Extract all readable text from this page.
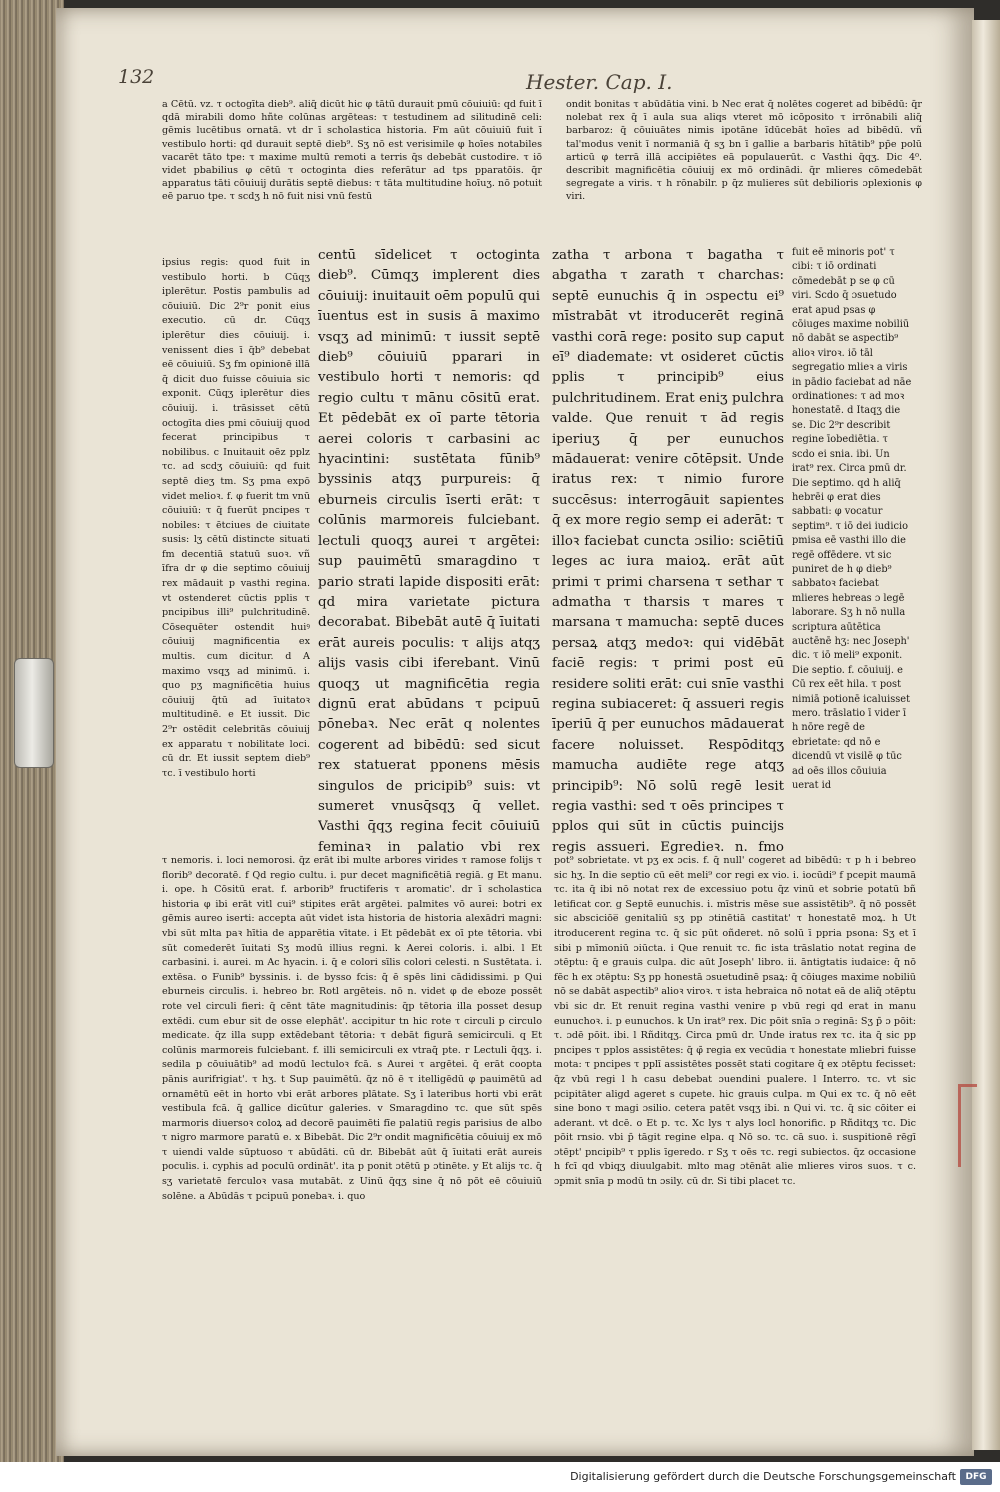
132	Hester. Cap. I.
a Cētū. vz. τ octogīta dieb⁹. aliq̄ dicūt hic φ tātū durauit pmū cōuiuiū: qd fuit ī qdā mirabili domo hñte colūnas argēteas: τ testudinem ad silitudinē celi: gēmis lucētibus ornatā. vt dr ī scholastica historia. Fm aūt cōuiuiū fuit ī vestibulo horti: qd durauit septē dieb⁹. Sʒ nō est verisimile φ hoīes notabiles vacarēt tāto tpe: τ maxime multū remoti a terris q̄s debebāt custodire. τ iō videt pbabilius φ cētū τ octoginta dies referātur ad tps pparatōis. q̄r apparatus tāti cōuiuij durātis septē diebus: τ tāta multitudine hoīuʒ. nō potuit eē paruo tpe. τ scdʒ h nō fuit nisi vnū festū
ondit bonitas τ abūdātia vini. b Nec erat q̄ nolētes cogeret ad bibēdū: q̄r nolebat rex q̄ ī aula sua aliqs vteret mō icōposito τ irrōnabili aliq̄ barbaroz: q̄ cōuiuātes nimis ipotāne īdūcebāt hoīes ad bibēdū. vñ tal'modus venit ī normaniā q̄ sʒ bn ī gallie a barbaris hītātib⁹ pp̄e polū articū φ terrā illā accipiētes eā populauerūt. c Vasthi q̄qʒ. Dic 4⁰. describit magnificētia cōuiuij ex mō ordinādi. q̄r mlieres cōmedebāt segregate a viris. τ h rōnabilr. p q̄z mulieres sūt debilioris ɔplexionis φ viri.
ipsius regis: quod fuit in vestibulo horti. b Cūqʒ iplerētur. Postis pambulis ad cōuiuiū. Dic 2⁹r ponit eius executio. cū dr. Cūqʒ iplerētur dies cōuiuij. i. venissent dies ī q̄b⁹ debebat eē cōuiuiū. Sʒ fm opinionē illā q̄ dicit duo fuisse cōuiuia sic exponit. Cūqʒ iplerētur dies cōuiuij. i. trāsisset cētū octogīta dies pmi cōuiuij quod fecerat principibus τ nobilibus. c Inuitauit oēz pplz τc. ad scdʒ cōuiuiū: qd fuit septē dieʒ tm. Sʒ pma expō videt melioꝛ. f. φ fuerit tm vnū cōuiuiū: τ q̄ fuerūt pncipes τ nobiles: τ ētciues de ciuitate susis: lʒ cētū distincte situati fm decentiā statuū suoꝛ. vñ īfra dr φ die septimo cōuiuij rex mādauit p vasthi regina. vt ostenderet cūctis pplis τ pncipibus illi⁹ pulchritudinē. Cōsequēter ostendit huiꝰ cōuiuij magnificentia ex multis. cum dicitur. d A maximo vsqʒ ad minimū. i. quo pʒ magnificētia huius cōuiuij q̄tū ad īuitatoꝛ multitudinē. e Et iussit. Dic 2⁹r ostēdit celebritās cōuiuij ex apparatu τ nobilitate loci. cū dr. Et iussit septem dieb⁹ τc. ī vestibulo horti
centū sīdelicet τ octoginta dieb⁹. Cūmqʒ implerent dies cōuiuij: inuitauit oēm populū qui īuentus est in susis ā maximo vsqʒ ad minimū: τ iussit septē dieb⁹ cōuiuiū pparari in vestibulo horti τ nemoris: qd regio cultu τ mānu cōsitū erat. Et pēdebāt ex oī parte tētoria aerei coloris τ carbasini ac hyacintini: sustētata fūnib⁹ byssinis atqʒ purpureis: q̄ eburneis circulis īserti erāt: τ colūnis marmoreis fulciebant. lectuli quoqʒ aurei τ argētei: sup pauimētū smaragdino τ pario strati lapide dispositi erāt: qd mira varietate pictura decorabat. Bibebāt autē q̄ īuitati erāt aureis poculis: τ alijs atqʒ alijs vasis cibi iferebant. Vinū quoqʒ ut magnificētia regia dignū erat abūdans τ pcipuū pōnebaꝛ. Nec erāt q nolentes cogerent ad bibēdū: sed sicut rex statuerat pponens mēsis singulos de pricipib⁹ suis: vt sumeret vnusq̄sqʒ q̄ vellet. Vasthi q̄qʒ regina fecit cōuiuiū feminaꝛ in palatio vbi rex
zatha τ arbona τ bagatha τ abgatha τ zarath τ charchas: septē eunuchis q̄ in ɔspectu ei⁹ mīstrabāt vt itroducerēt reginā vasthi corā rege: posito sup caput eī⁹ diademate: vt osideret cūctis pplis τ principib⁹ eius pulchritudinem. Erat eniʒ pulchra valde. Que renuit τ ād regis iperiuʒ q̄ per eunuchos mādauerat: venire cōtēpsit. Unde iratus rex: τ nimio furore succēsus: interrogāuit sapientes q̄ ex more regio semp ei aderāt: τ illoꝛ faciebat cuncta ɔsilio: sciētiū leges ac iura maioꝝ. erāt aūt primi τ primi charsena τ sethar τ admatha τ tharsis τ mares τ marsana τ mamucha: septē duces persaꝝ atqʒ medoꝛ: qui vidēbāt faciē regis: τ primi post eū residere soliti erāt: cui snīe vasthi regina subiaceret: q̄ assueri regis īperiū q̄ per eunuchos mādauerat facere noluisset. Respōditqʒ mamucha audiēte rege atqʒ principib⁹: Nō solū regē lesit regia vasthi: sed τ oēs principes τ pplos qui sūt in cūctis puincijs regis assueri. Egredieꝛ. n. fmo
fuit eē minoris pot' τ cibi: τ iō ordinati cōmedebāt p se φ cū viri. Scdo q̄ ɔsuetudo erat apud psas φ cōiuges maxime nobiliū nō dabāt se aspectib⁹ alioꝛ viroꝛ. iō tāl segregatio mlieꝛ a viris in pādio faciebat ad nāe ordinationes: τ ad moꝛ honestatē. d Itaqʒ die se. Dic 2⁹r describit regine īobediētia. τ scdo ei snia. ibi. Un irat⁹ rex. Circa pmū dr. Die septimo. qd h aliq̄ hebrēi φ erat dies sabbati: φ vocatur septim⁹. τ iō dei iudicio pmisa eē vasthi illo die regē offēdere. vt sic puniret de h φ dieb⁹ sabbatoꝛ faciebat mlieres hebreas ɔ legē laborare. Sʒ h nō nulla scriptura aūtētica auctēnē hʒ: nec Joseph' dic. τ iō meli⁹ exponit. Die septio. f. cōuiuij. e Cū rex eēt hila. τ post nimiā potionē icaluisset mero. trāslatio ī vider ī h nōre regē de ebrietate: qd nō e dicendū vt visilē φ tūc ad oēs illos cōuiuia uerat id
τ nemoris. i. loci nemorosi. q̄z erāt ibi multe arbores virides τ ramose folijs τ florib⁹ decoratē. f Qd regio cultu. i. pur decet magnificētiā regiā. g Et manu. i. ope. h Cōsitū erat. f. arborib⁹ fructiferis τ aromatic'. dr ī scholastica historia φ ibi erāt vitl cui⁹ stipites erāt argētei. palmites vō aurei: botri ex gēmis aureo iserti: accepta aūt videt ista historia de historia alexādri magni: vbi sūt mlta paꝛ hītia de apparētia vītate. i Et pēdebāt ex oī pte tētoria. vbi sūt comederēt īuitati Sʒ modū illius regni. k Aerei coloris. i. albi. l Et carbasini. i. aurei. m Ac hyacin. i. q̄ e colori sīlis colori celesti. n Sustētata. i. extēsa. o Funib⁹ byssinis. i. de bysso fcis: q̄ ē spēs lini cādidissimi. p Qui eburneis circulis. i. hebreo br. Rotl argēteis. nō n. videt φ de eboze possēt rote vel circuli fieri: q̄ cēnt tāte magnitudinis: q̄p tētoria illa posset desup extēdi. cum ebur sit de osse elephāt'. accipitur tn hic rote τ circuli p circulo medicate. q̄z illa supp extēdebant tētoria: τ debāt figurā semicirculi. q Et colūnis marmoreis fulciebant. f. illi semicirculi ex vtraq̄ pte. r Lectuli q̄qʒ. i. sedila p cōuiuātib⁹ ad modū lectuloꝛ fcā. s Aurei τ argētei. q̄ erāt coopta pānis aurifrigiat'. τ hʒ. t Sup pauimētū. q̄z nō ē τ itelligēdū φ pauimētū ad ornamētū eēt in horto vbi erāt arbores plātate. Sʒ ī lateribus horti vbi erāt vestibula fcā. q̄ gallice dicūtur galeries. v Smaragdino τc. que sūt spēs marmoris diuersoꝛ coloꝝ ad decorē pauimēti fīe palatiū regis parisius de albo τ nigro marmore paratū e. x Bibebāt. Dic 2⁹r ondit magnificētia cōuiuij ex mō τ uiendi valde sūptuoso τ abūdāti. cū dr. Bibebāt aūt q̄ īuitati erāt aureis poculis. i. cyphis ad poculū ordināt'. ita p ponit ɔtētū p ɔtinēte. y Et alijs τc. q̄ sʒ varietatē ferculoꝛ vasa mutabāt. z Uinū q̄qʒ sine q̄ nō pōt eē cōuiuiū solēne. a Abūdās τ pcipuū ponebaꝛ. i. quo
pot⁹ sobrietate. vt pʒ ex ɔcis. f. q̄ null' cogeret ad bibēdū: τ p h i bebreo sic hʒ. In die septio cū eēt meli⁹ cor regi ex vio. i. iocūdi⁹ f pcepit maumā τc. ita q̄ ibi nō notat rex de excessiuo potu q̄z vinū et sobrie potatū bñ letificat cor. g Septē eunuchis. i. mīstris mēse sue assistētib⁹. q̄ nō possēt sic absciciōe̅ genitaliū sʒ pp ɔtinētiā castitat' τ honestatē moꝝ. h Ut itroducerent regina τc. q̄ sic pūt oñderet. nō solū ī ppria psona: Sʒ et ī sibi p mīmoniū ɔiūcta. i Que renuit τc. fic ista trāslatio notat regina de ɔtēptu: q̄ e grauis culpa. dic aūt Joseph' libro. ii. āntigtatis iudaice: q̄ nō fēc h ex ɔtēptu: Sʒ pp honestā ɔsuetudinē psaꝝ: q̄ cōiuges maxime nobiliū nō se dabāt aspectib⁹ alioꝛ viroꝛ. τ ista hebraica nō notat eā de aliq̄ ɔtēptu vbi sic dr. Et renuit regina vasthi venire p vbū regi qd erat in manu eunuchoꝛ. i. p eunuchos. k Un irat⁹ rex. Dic pōit snīa ɔ reginā: Sʒ p̄ ɔ pōit: τ. ɔdē pōit. ibi. l Rñditqʒ. Circa pmū dr. Unde iratus rex τc. ita q̄ sic pp pncipes τ pplos assistētes: q̄ φ̄ regia ex vecūdia τ honestate mliebri fuisse mota: τ pncipes τ pplī assistētes possēt stati cogitare q̄ ex ɔtēptu fecisset: q̄z vbū regi l h casu debebat ɔuendini pualere. l Interro. τc. vt sic pcipitāter aligd ageret s cupete. hic grauis culpa. m Qui ex τc. q̄ nō eēt sine bono τ magi ɔsilio. cetera patēt vsqʒ ibi. n Qui vi. τc. q̄ sic cōiter ei aderant. vt dcē. o Et p. τc. Xc lys τ alys locl honorific. p Rñditqʒ τc. Dic pōit rnsio. vbi p̄ tāgit regine elpa. q Nō so. τc. cā suo. i. suspitionē rēgī ɔtēpt' pncipib⁹ τ pplis īgeredo. r Sʒ τ oēs τc. regi subiectos. q̄z occasione h fcī qd vbiqʒ diuulgabit. mlto mag ɔtēnāt alie mlieres viros suos. τ c. ɔpmit snīa p modū tn ɔsily. cū dr. Si tibi placet τc.
Digitalisierung gefördert durch die Deutsche Forschungsgemeinschaft	DFG
